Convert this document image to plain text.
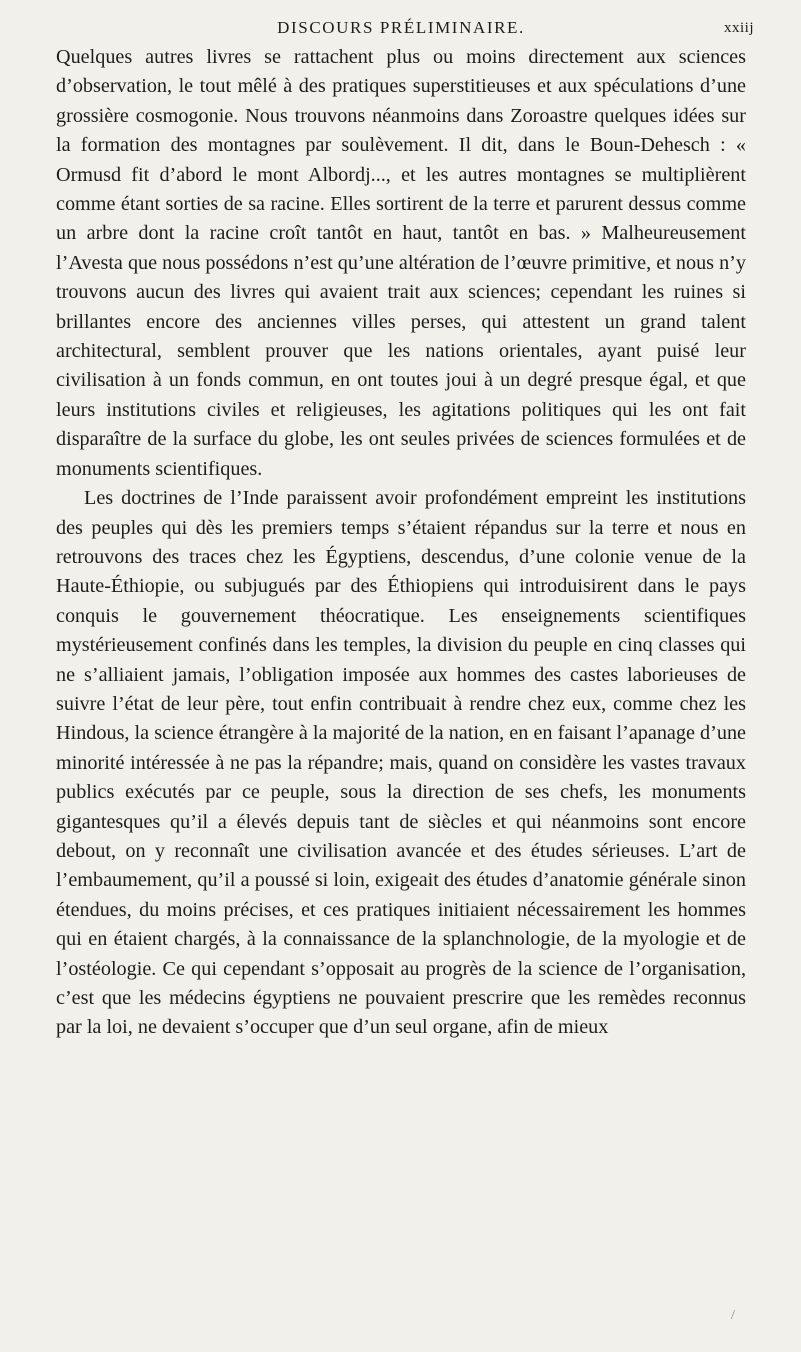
DISCOURS PRÉLIMINAIRE.	xxiij

Quelques autres livres se rattachent plus ou moins directement aux sciences d’observation, le tout mêlé à des pratiques superstitieuses et aux spéculations d’une grossière cosmogonie. Nous trouvons néanmoins dans Zoroastre quelques idées sur la formation des montagnes par soulèvement. Il dit, dans le Boun-Dehesch : « Ormusd fit d’abord le mont Albordj..., et les autres montagnes se multiplièrent comme étant sorties de sa racine. Elles sortirent de la terre et parurent dessus comme un arbre dont la racine croît tantôt en haut, tantôt en bas. » Malheureusement l’Avesta que nous possédons n’est qu’une altération de l’œuvre primitive, et nous n’y trouvons aucun des livres qui avaient trait aux sciences; cependant les ruines si brillantes encore des anciennes villes perses, qui attestent un grand talent architectural, semblent prouver que les nations orientales, ayant puisé leur civilisation à un fonds commun, en ont toutes joui à un degré presque égal, et que leurs institutions civiles et religieuses, les agitations politiques qui les ont fait disparaître de la surface du globe, les ont seules privées de sciences formulées et de monuments scientifiques.

Les doctrines de l’Inde paraissent avoir profondément empreint les institutions des peuples qui dès les premiers temps s’étaient répandus sur la terre et nous en retrouvons des traces chez les Égyptiens, descendus, d’une colonie venue de la Haute-Éthiopie, ou subjugués par des Éthiopiens qui introduisirent dans le pays conquis le gouvernement théocratique. Les enseignements scientifiques mystérieusement confinés dans les temples, la division du peuple en cinq classes qui ne s’alliaient jamais, l’obligation imposée aux hommes des castes laborieuses de suivre l’état de leur père, tout enfin contribuait à rendre chez eux, comme chez les Hindous, la science étrangère à la majorité de la nation, en en faisant l’apanage d’une minorité intéressée à ne pas la répandre; mais, quand on considère les vastes travaux publics exécutés par ce peuple, sous la direction de ses chefs, les monuments gigantesques qu’il a élevés depuis tant de siècles et qui néanmoins sont encore debout, on y reconnaît une civilisation avancée et des études sérieuses. L’art de l’embaumement, qu’il a poussé si loin, exigeait des études d’anatomie générale sinon étendues, du moins précises, et ces pratiques initiaient nécessairement les hommes qui en étaient chargés, à la connaissance de la splanchnologie, de la myologie et de l’ostéologie. Ce qui cependant s’opposait au progrès de la science de l’organisation, c’est que les médecins égyptiens ne pouvaient prescrire que les remèdes reconnus par la loi, ne devaient s’occuper que d’un seul organe, afin de mieux

/
